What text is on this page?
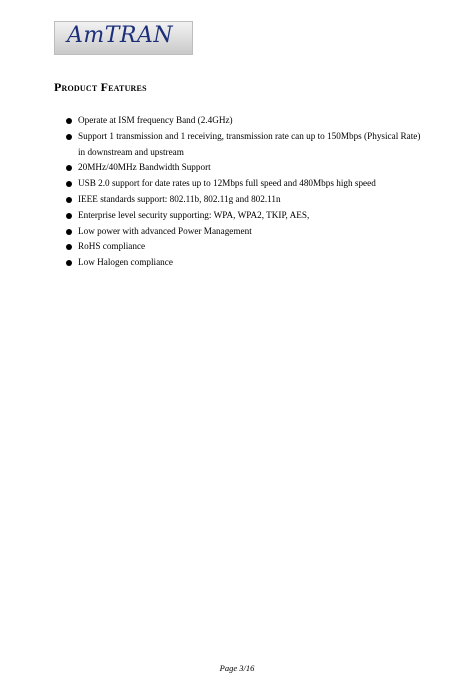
AmTRAN
Product Features
Operate at ISM frequency Band (2.4GHz)
Support 1 transmission and 1 receiving, transmission rate can up to 150Mbps (Physical Rate) in downstream and upstream
20MHz/40MHz Bandwidth Support
USB 2.0 support for date rates up to 12Mbps full speed and 480Mbps high speed
IEEE standards support: 802.11b, 802.11g and 802.11n
Enterprise level security supporting: WPA, WPA2, TKIP, AES,
Low power with advanced Power Management
RoHS compliance
Low Halogen compliance
Page 3/16
